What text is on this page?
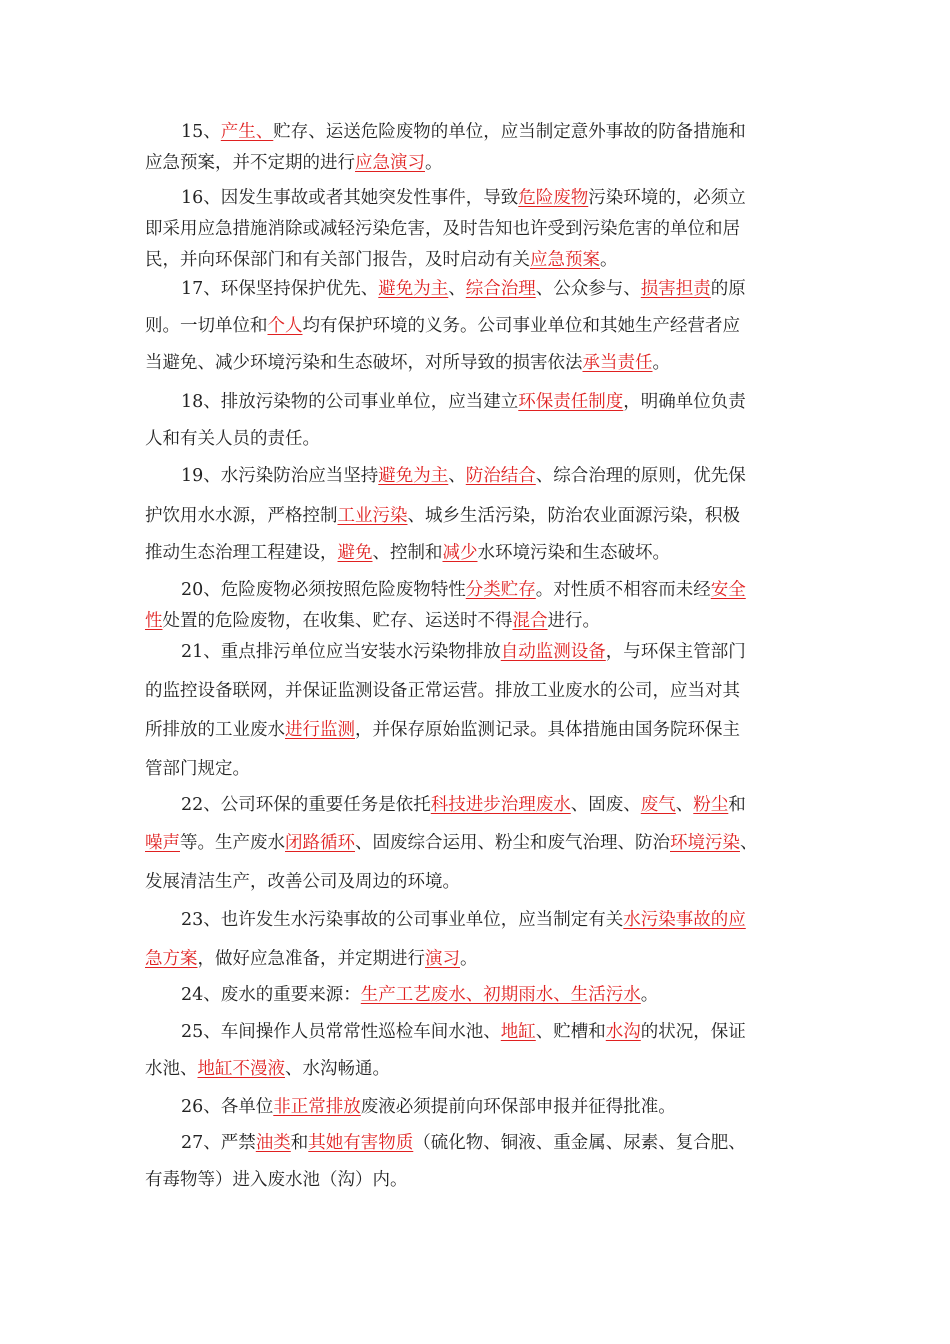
15、产生、贮存、运送危险废物的单位，应当制定意外事故的防备措施和
应急预案，并不定期的进行应急演习。
16、因发生事故或者其她突发性事件，导致危险废物污染环境的，必须立
即采用应急措施消除或减轻污染危害，及时告知也许受到污染危害的单位和居
民，并向环保部门和有关部门报告，及时启动有关应急预案。
17、环保坚持保护优先、避免为主、综合治理、公众参与、损害担责的原
则。一切单位和个人均有保护环境的义务。公司事业单位和其她生产经营者应
当避免、减少环境污染和生态破坏，对所导致的损害依法承当责任。
18、排放污染物的公司事业单位，应当建立环保责任制度，明确单位负责
人和有关人员的责任。
19、水污染防治应当坚持避免为主、防治结合、综合治理的原则，优先保
护饮用水水源，严格控制工业污染、城乡生活污染，防治农业面源污染，积极
推动生态治理工程建设，避免、控制和减少水环境污染和生态破坏。
20、危险废物必须按照危险废物特性分类贮存。对性质不相容而未经安全
性处置的危险废物，在收集、贮存、运送时不得混合进行。
21、重点排污单位应当安装水污染物排放自动监测设备，与环保主管部门
的监控设备联网，并保证监测设备正常运营。排放工业废水的公司，应当对其
所排放的工业废水进行监测，并保存原始监测记录。具体措施由国务院环保主
管部门规定。
22、公司环保的重要任务是依托科技进步治理废水、固废、废气、粉尘和
噪声等。生产废水闭路循环、固废综合运用、粉尘和废气治理、防治环境污染、
发展清洁生产，改善公司及周边的环境。
23、也许发生水污染事故的公司事业单位，应当制定有关水污染事故的应
急方案，做好应急准备，并定期进行演习。
24、废水的重要来源：生产工艺废水、初期雨水、生活污水。
25、车间操作人员常常性巡检车间水池、地缸、贮槽和水沟的状况，保证
水池、地缸不漫液、水沟畅通。
26、各单位非正常排放废液必须提前向环保部申报并征得批准。
27、严禁油类和其她有害物质（硫化物、铜液、重金属、尿素、复合肥、
有毒物等）进入废水池（沟）内。
